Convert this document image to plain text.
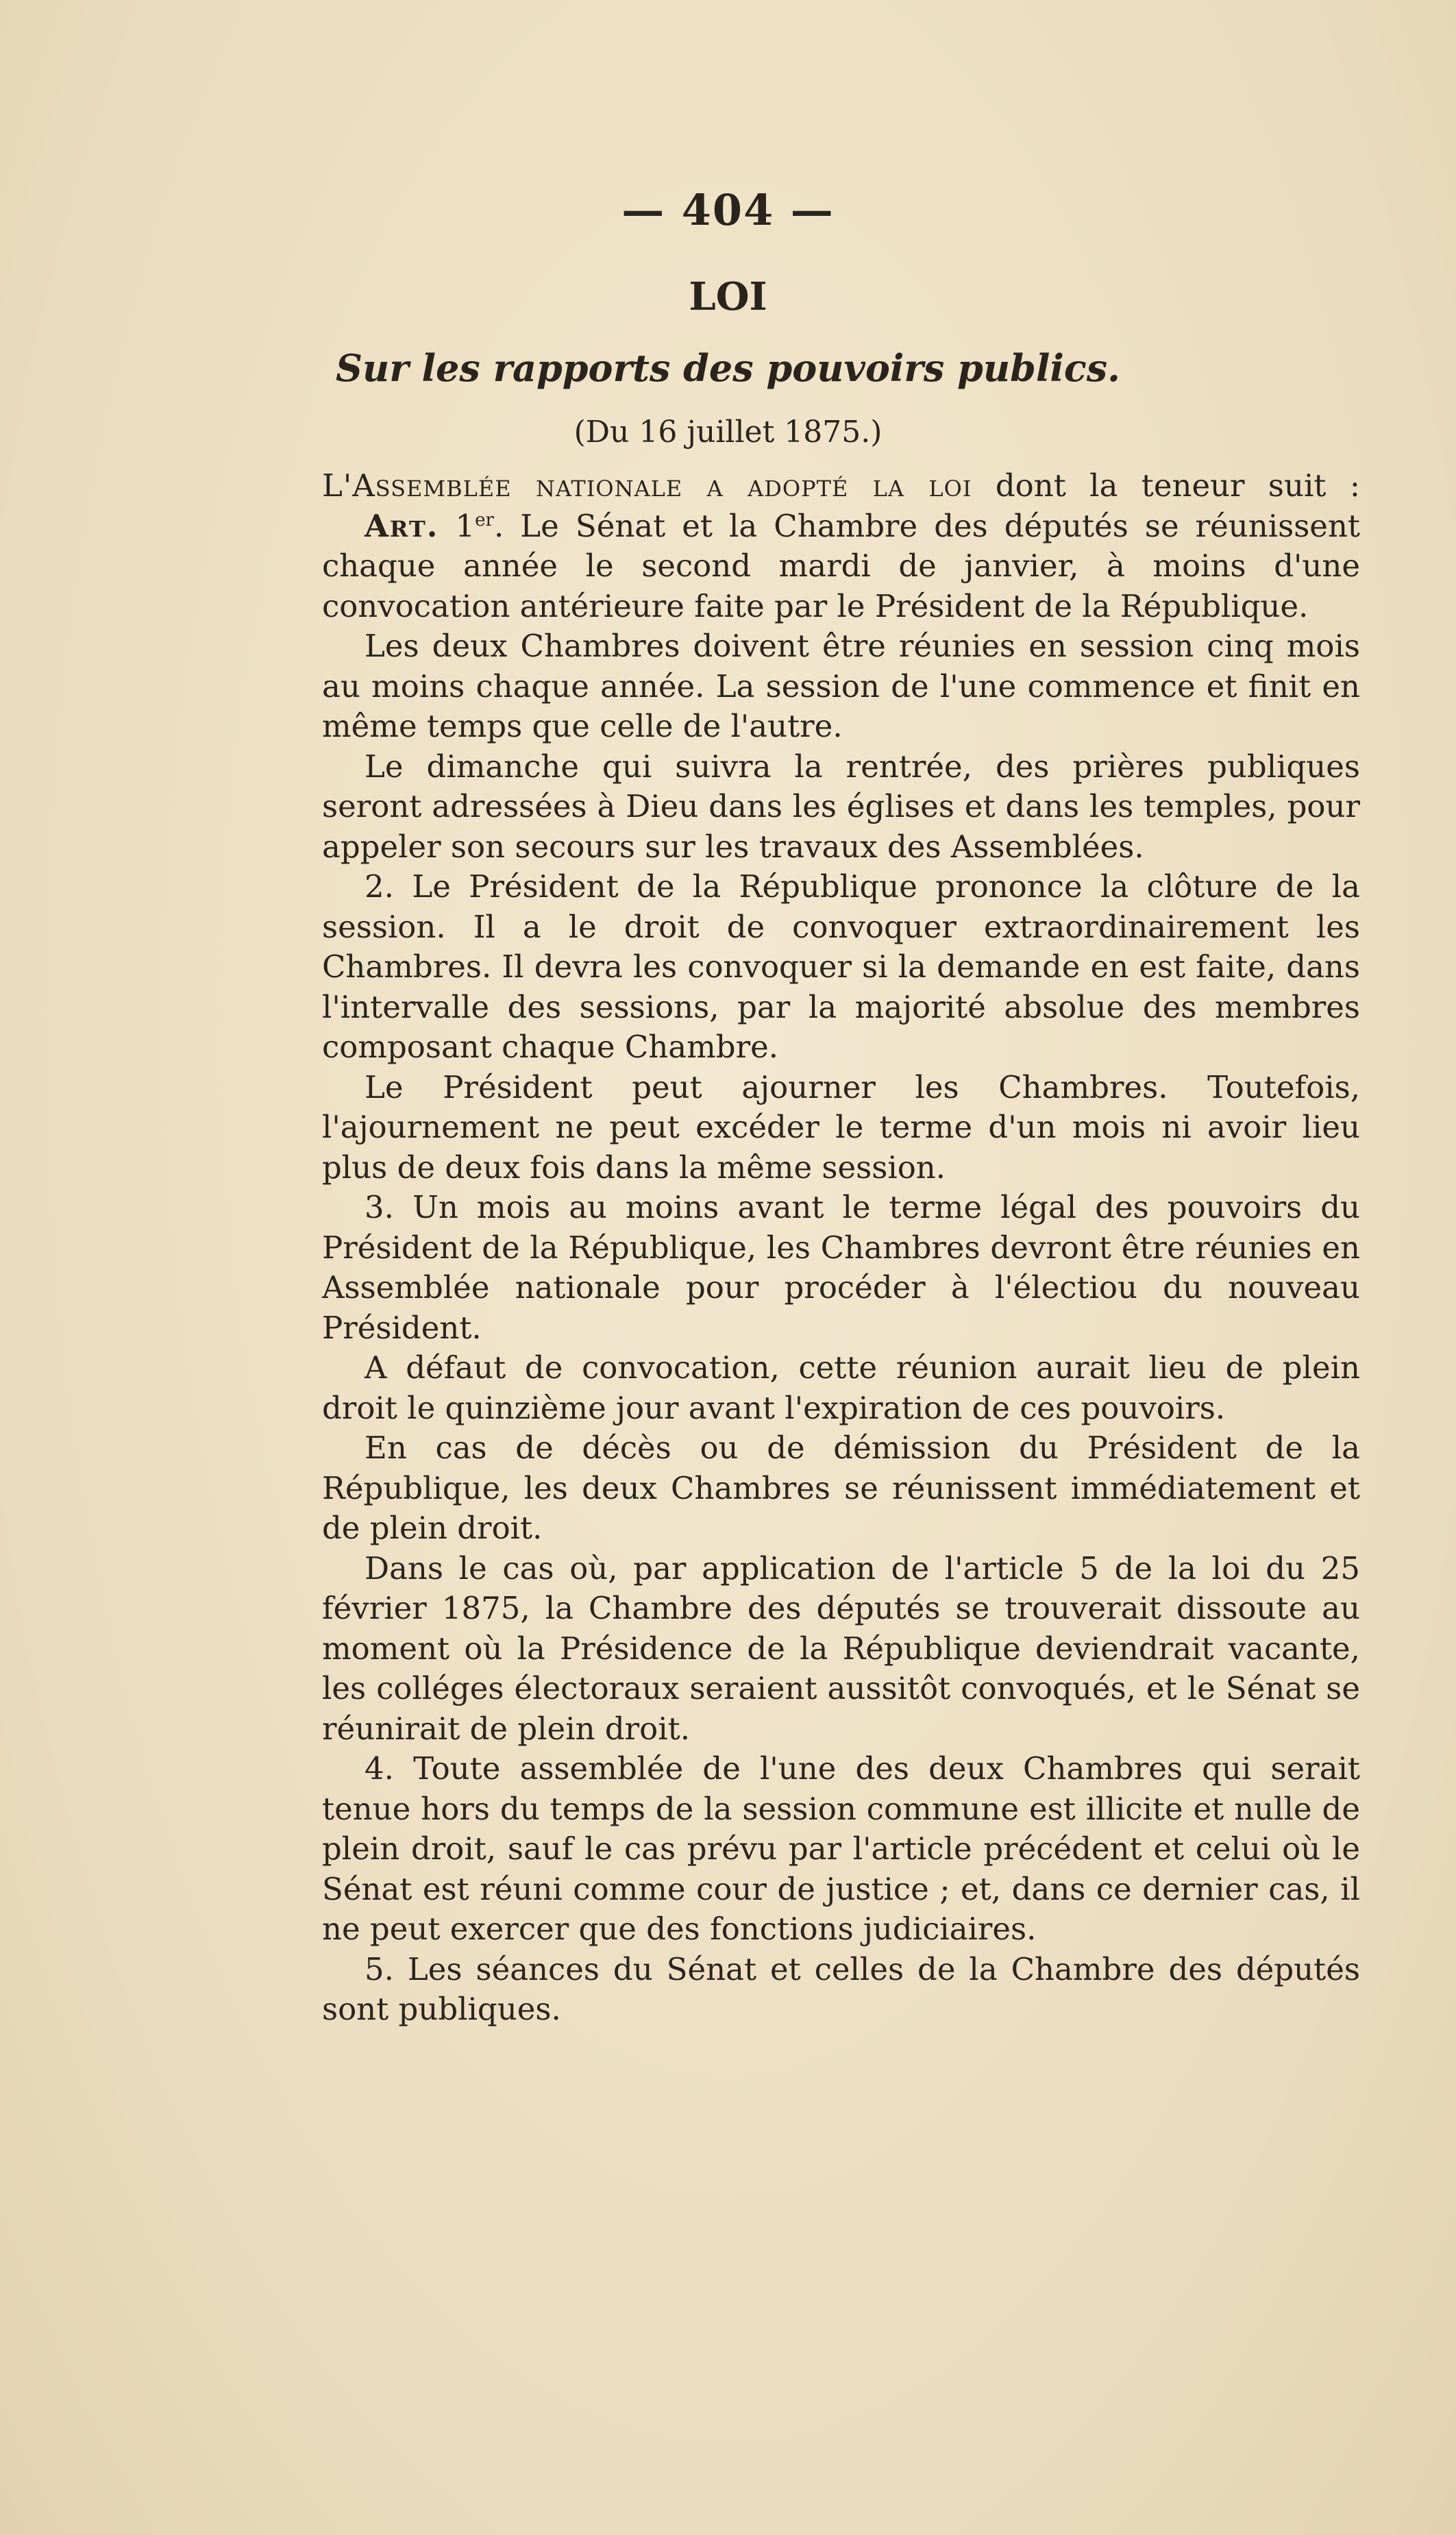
— 404 —
LOI
Sur les rapports des pouvoirs publics.
(Du 16 juillet 1875.)

L'Assemblée nationale a adopté la loi dont la teneur suit :

Art. 1er. Le Sénat et la Chambre des députés se réunissent chaque année le second mardi de janvier, à moins d'une convocation antérieure faite par le Président de la République.

Les deux Chambres doivent être réunies en session cinq mois au moins chaque année. La session de l'une commence et finit en même temps que celle de l'autre.

Le dimanche qui suivra la rentrée, des prières publiques seront adressées à Dieu dans les églises et dans les temples, pour appeler son secours sur les travaux des Assemblées.

2. Le Président de la République prononce la clôture de la session. Il a le droit de convoquer extraordinairement les Chambres. Il devra les convoquer si la demande en est faite, dans l'intervalle des sessions, par la majorité absolue des membres composant chaque Chambre.

Le Président peut ajourner les Chambres. Toutefois, l'ajournement ne peut excéder le terme d'un mois ni avoir lieu plus de deux fois dans la même session.

3. Un mois au moins avant le terme légal des pouvoirs du Président de la République, les Chambres devront être réunies en Assemblée nationale pour procéder à l'électiou du nouveau Président.

A défaut de convocation, cette réunion aurait lieu de plein droit le quinzième jour avant l'expiration de ces pouvoirs.

En cas de décès ou de démission du Président de la République, les deux Chambres se réunissent immédiatement et de plein droit.

Dans le cas où, par application de l'article 5 de la loi du 25 février 1875, la Chambre des députés se trouverait dissoute au moment où la Présidence de la République deviendrait vacante, les colléges électoraux seraient aussitôt convoqués, et le Sénat se réunirait de plein droit.

4. Toute assemblée de l'une des deux Chambres qui serait tenue hors du temps de la session commune est illicite et nulle de plein droit, sauf le cas prévu par l'article précédent et celui où le Sénat est réuni comme cour de justice ; et, dans ce dernier cas, il ne peut exercer que des fonctions judiciaires.

5. Les séances du Sénat et celles de la Chambre des députés sont publiques.
